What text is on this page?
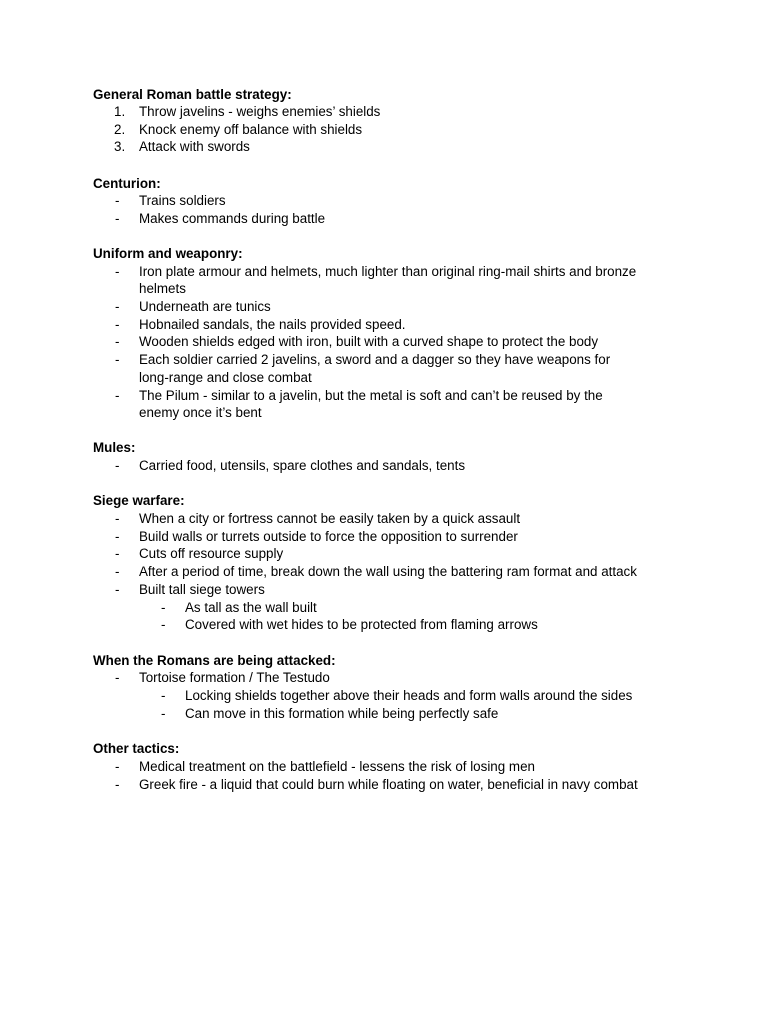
General Roman battle strategy:
1. Throw javelins - weighs enemies’ shields
2. Knock enemy off balance with shields
3. Attack with swords
Centurion:
- Trains soldiers
- Makes commands during battle
Uniform and weaponry:
- Iron plate armour and helmets, much lighter than original ring-mail shirts and bronze
helmets
- Underneath are tunics
- Hobnailed sandals, the nails provided speed.
- Wooden shields edged with iron, built with a curved shape to protect the body
- Each soldier carried 2 javelins, a sword and a dagger so they have weapons for
long-range and close combat
- The Pilum - similar to a javelin, but the metal is soft and can’t be reused by the
enemy once it’s bent
Mules:
- Carried food, utensils, spare clothes and sandals, tents
Siege warfare:
- When a city or fortress cannot be easily taken by a quick assault
- Build walls or turrets outside to force the opposition to surrender
- Cuts off resource supply
- After a period of time, break down the wall using the battering ram format and attack
- Built tall siege towers
- As tall as the wall built
- Covered with wet hides to be protected from flaming arrows
When the Romans are being attacked:
- Tortoise formation / The Testudo
- Locking shields together above their heads and form walls around the sides
- Can move in this formation while being perfectly safe
Other tactics:
- Medical treatment on the battlefield - lessens the risk of losing men
- Greek fire - a liquid that could burn while floating on water, beneficial in navy combat
